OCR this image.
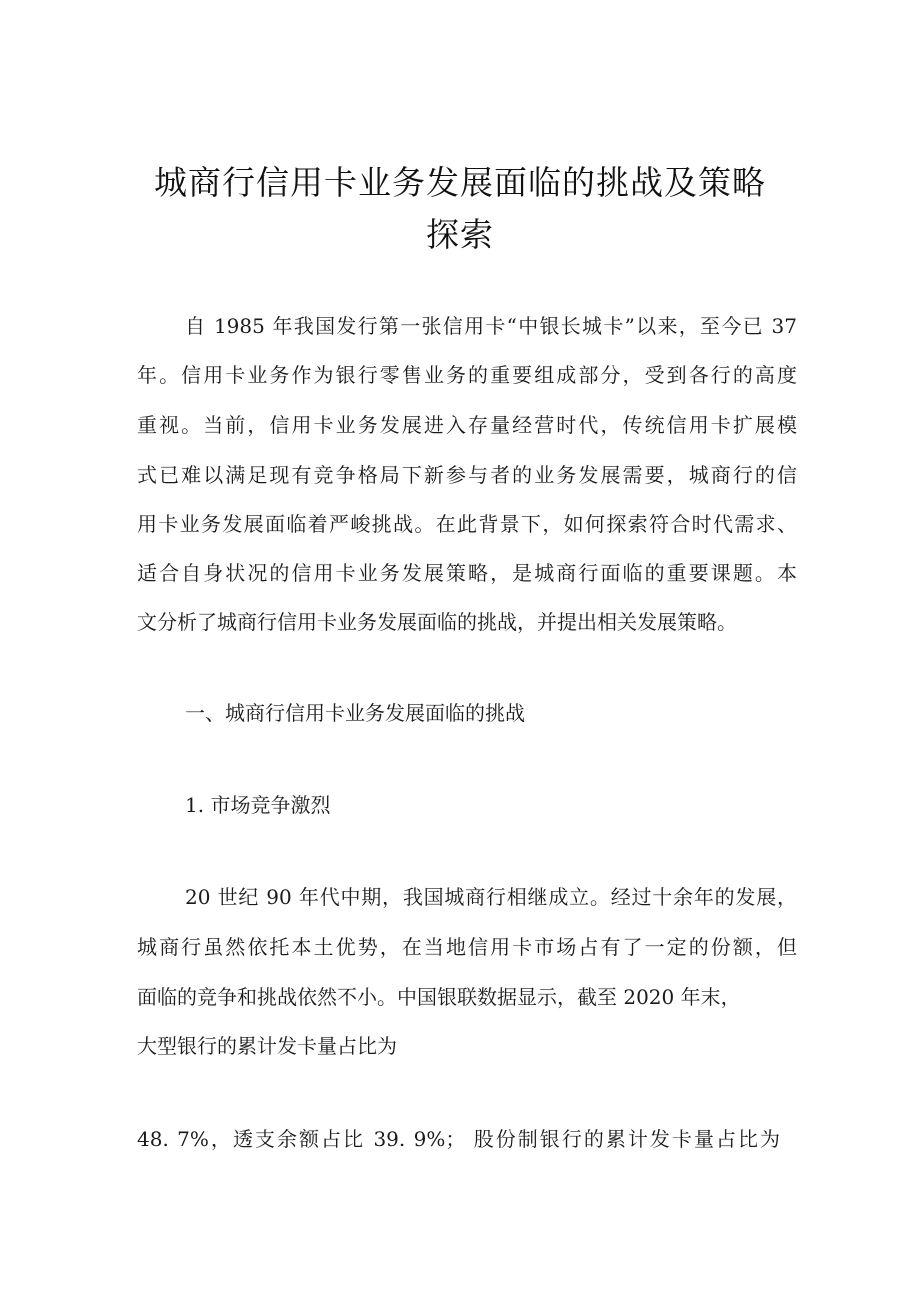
城商行信用卡业务发展面临的挑战及策略
探索
自 1985 年我国发行第一张信用卡“中银长城卡”以来，至今已 37
年。信用卡业务作为银行零售业务的重要组成部分，受到各行的高度
重视。当前，信用卡业务发展进入存量经营时代，传统信用卡扩展模
式已难以满足现有竞争格局下新参与者的业务发展需要，城商行的信
用卡业务发展面临着严峻挑战。在此背景下，如何探索符合时代需求、
适合自身状况的信用卡业务发展策略，是城商行面临的重要课题。本
文分析了城商行信用卡业务发展面临的挑战，并提出相关发展策略。
一、城商行信用卡业务发展面临的挑战
1. 市场竞争激烈
20 世纪 90 年代中期，我国城商行相继成立。经过十余年的发展，
城商行虽然依托本土优势，在当地信用卡市场占有了一定的份额，但
面临的竞争和挑战依然不小。中国银联数据显示，截至 2020 年末，
大型银行的累计发卡量占比为
48. 7%，透支余额占比 39. 9%； 股份制银行的累计发卡量占比为
